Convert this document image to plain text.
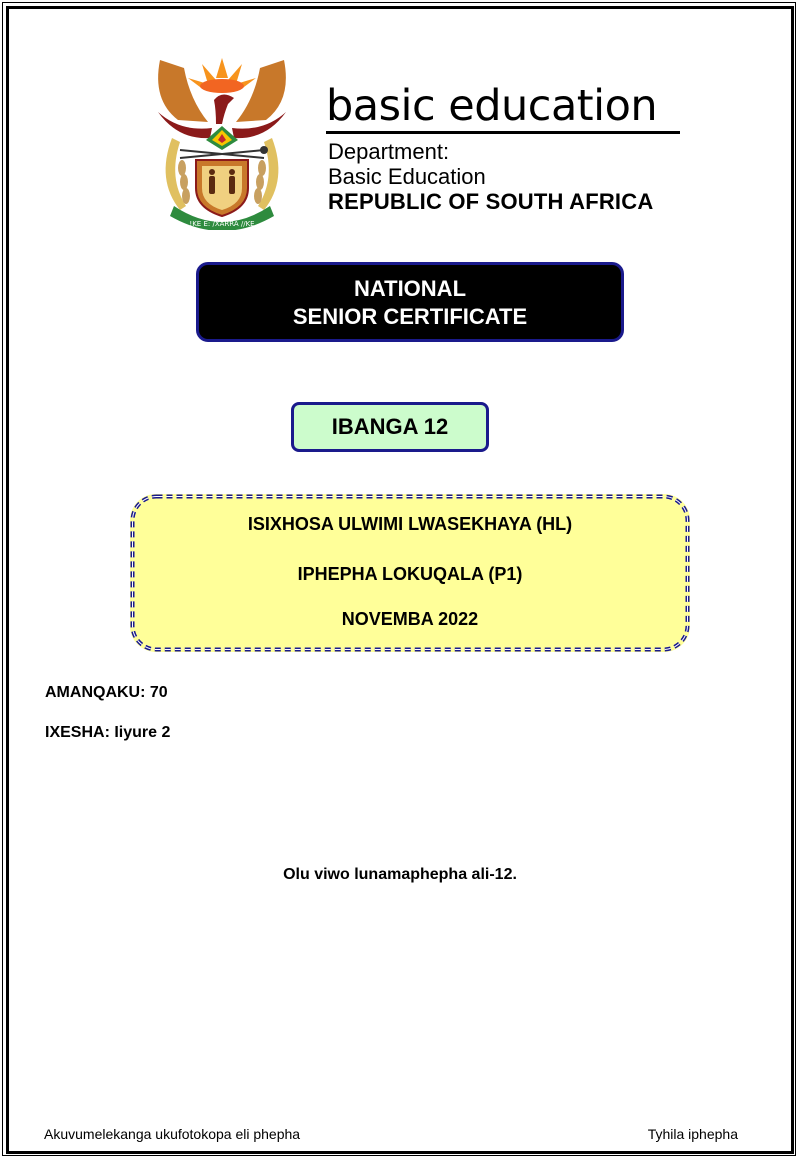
!KE E: /XARRA //KE
basic education
Department:
Basic Education
REPUBLIC OF SOUTH AFRICA
NATIONAL
SENIOR CERTIFICATE
IBANGA 12
ISIXHOSA ULWIMI LWASEKHAYA (HL)
IPHEPHA LOKUQALA (P1)
NOVEMBA 2022
AMANQAKU: 70
IXESHA: Iiyure 2
Olu viwo lunamaphepha ali-12.
Akuvumelekanga ukufotokopa eli phepha	Tyhila iphepha
